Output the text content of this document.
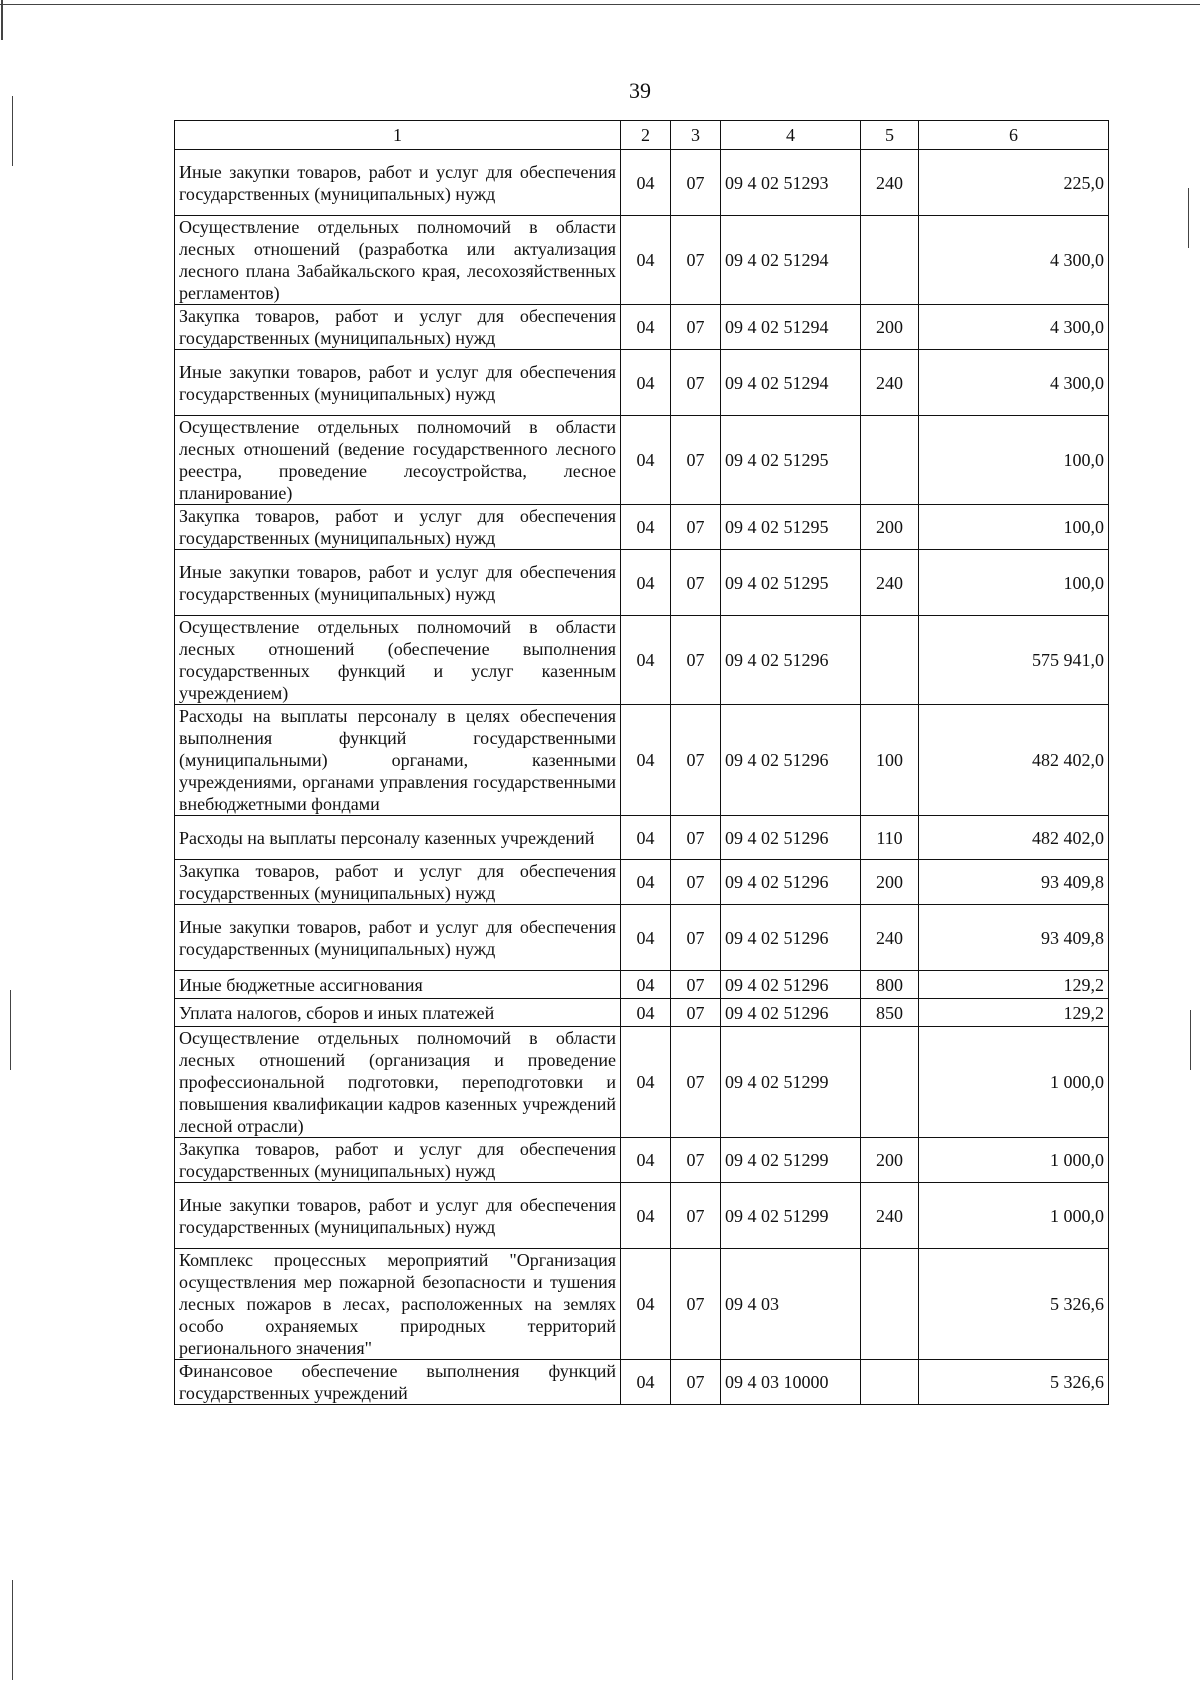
39
1	2	3	4	5	6
Иные закупки товаров, работ и услуг для обеспечения государственных (муниципальных) нужд	04	07	09 4 02 51293	240	225,0
Осуществление отдельных полномочий в области лесных отношений (разработка или актуализация лесного плана Забайкальского края, лесохозяйственных регламентов)	04	07	09 4 02 51294		4 300,0
Закупка товаров, работ и услуг для обеспечения государственных (муниципальных) нужд	04	07	09 4 02 51294	200	4 300,0
Иные закупки товаров, работ и услуг для обеспечения государственных (муниципальных) нужд	04	07	09 4 02 51294	240	4 300,0
Осуществление отдельных полномочий в области лесных отношений (ведение государственного лесного реестра, проведение лесоустройства, лесное планирование)	04	07	09 4 02 51295		100,0
Закупка товаров, работ и услуг для обеспечения государственных (муниципальных) нужд	04	07	09 4 02 51295	200	100,0
Иные закупки товаров, работ и услуг для обеспечения государственных (муниципальных) нужд	04	07	09 4 02 51295	240	100,0
Осуществление отдельных полномочий в области лесных отношений (обеспечение выполнения государственных функций и услуг казенным учреждением)	04	07	09 4 02 51296		575 941,0
Расходы на выплаты персоналу в целях обеспечения выполнения функций государственными (муниципальными) органами, казенными учреждениями, органами управления государственными внебюджетными фондами	04	07	09 4 02 51296	100	482 402,0
Расходы на выплаты персоналу казенных учреждений	04	07	09 4 02 51296	110	482 402,0
Закупка товаров, работ и услуг для обеспечения государственных (муниципальных) нужд	04	07	09 4 02 51296	200	93 409,8
Иные закупки товаров, работ и услуг для обеспечения государственных (муниципальных) нужд	04	07	09 4 02 51296	240	93 409,8
Иные бюджетные ассигнования	04	07	09 4 02 51296	800	129,2
Уплата налогов, сборов и иных платежей	04	07	09 4 02 51296	850	129,2
Осуществление отдельных полномочий в области лесных отношений (организация и проведение профессиональной подготовки, переподготовки и повышения квалификации кадров казенных учреждений лесной отрасли)	04	07	09 4 02 51299		1 000,0
Закупка товаров, работ и услуг для обеспечения государственных (муниципальных) нужд	04	07	09 4 02 51299	200	1 000,0
Иные закупки товаров, работ и услуг для обеспечения государственных (муниципальных) нужд	04	07	09 4 02 51299	240	1 000,0
Комплекс процессных мероприятий "Организация осуществления мер пожарной безопасности и тушения лесных пожаров в лесах, расположенных на землях особо охраняемых природных территорий регионального значения"	04	07	09 4 03		5 326,6
Финансовое обеспечение выполнения функций государственных учреждений	04	07	09 4 03 10000		5 326,6
